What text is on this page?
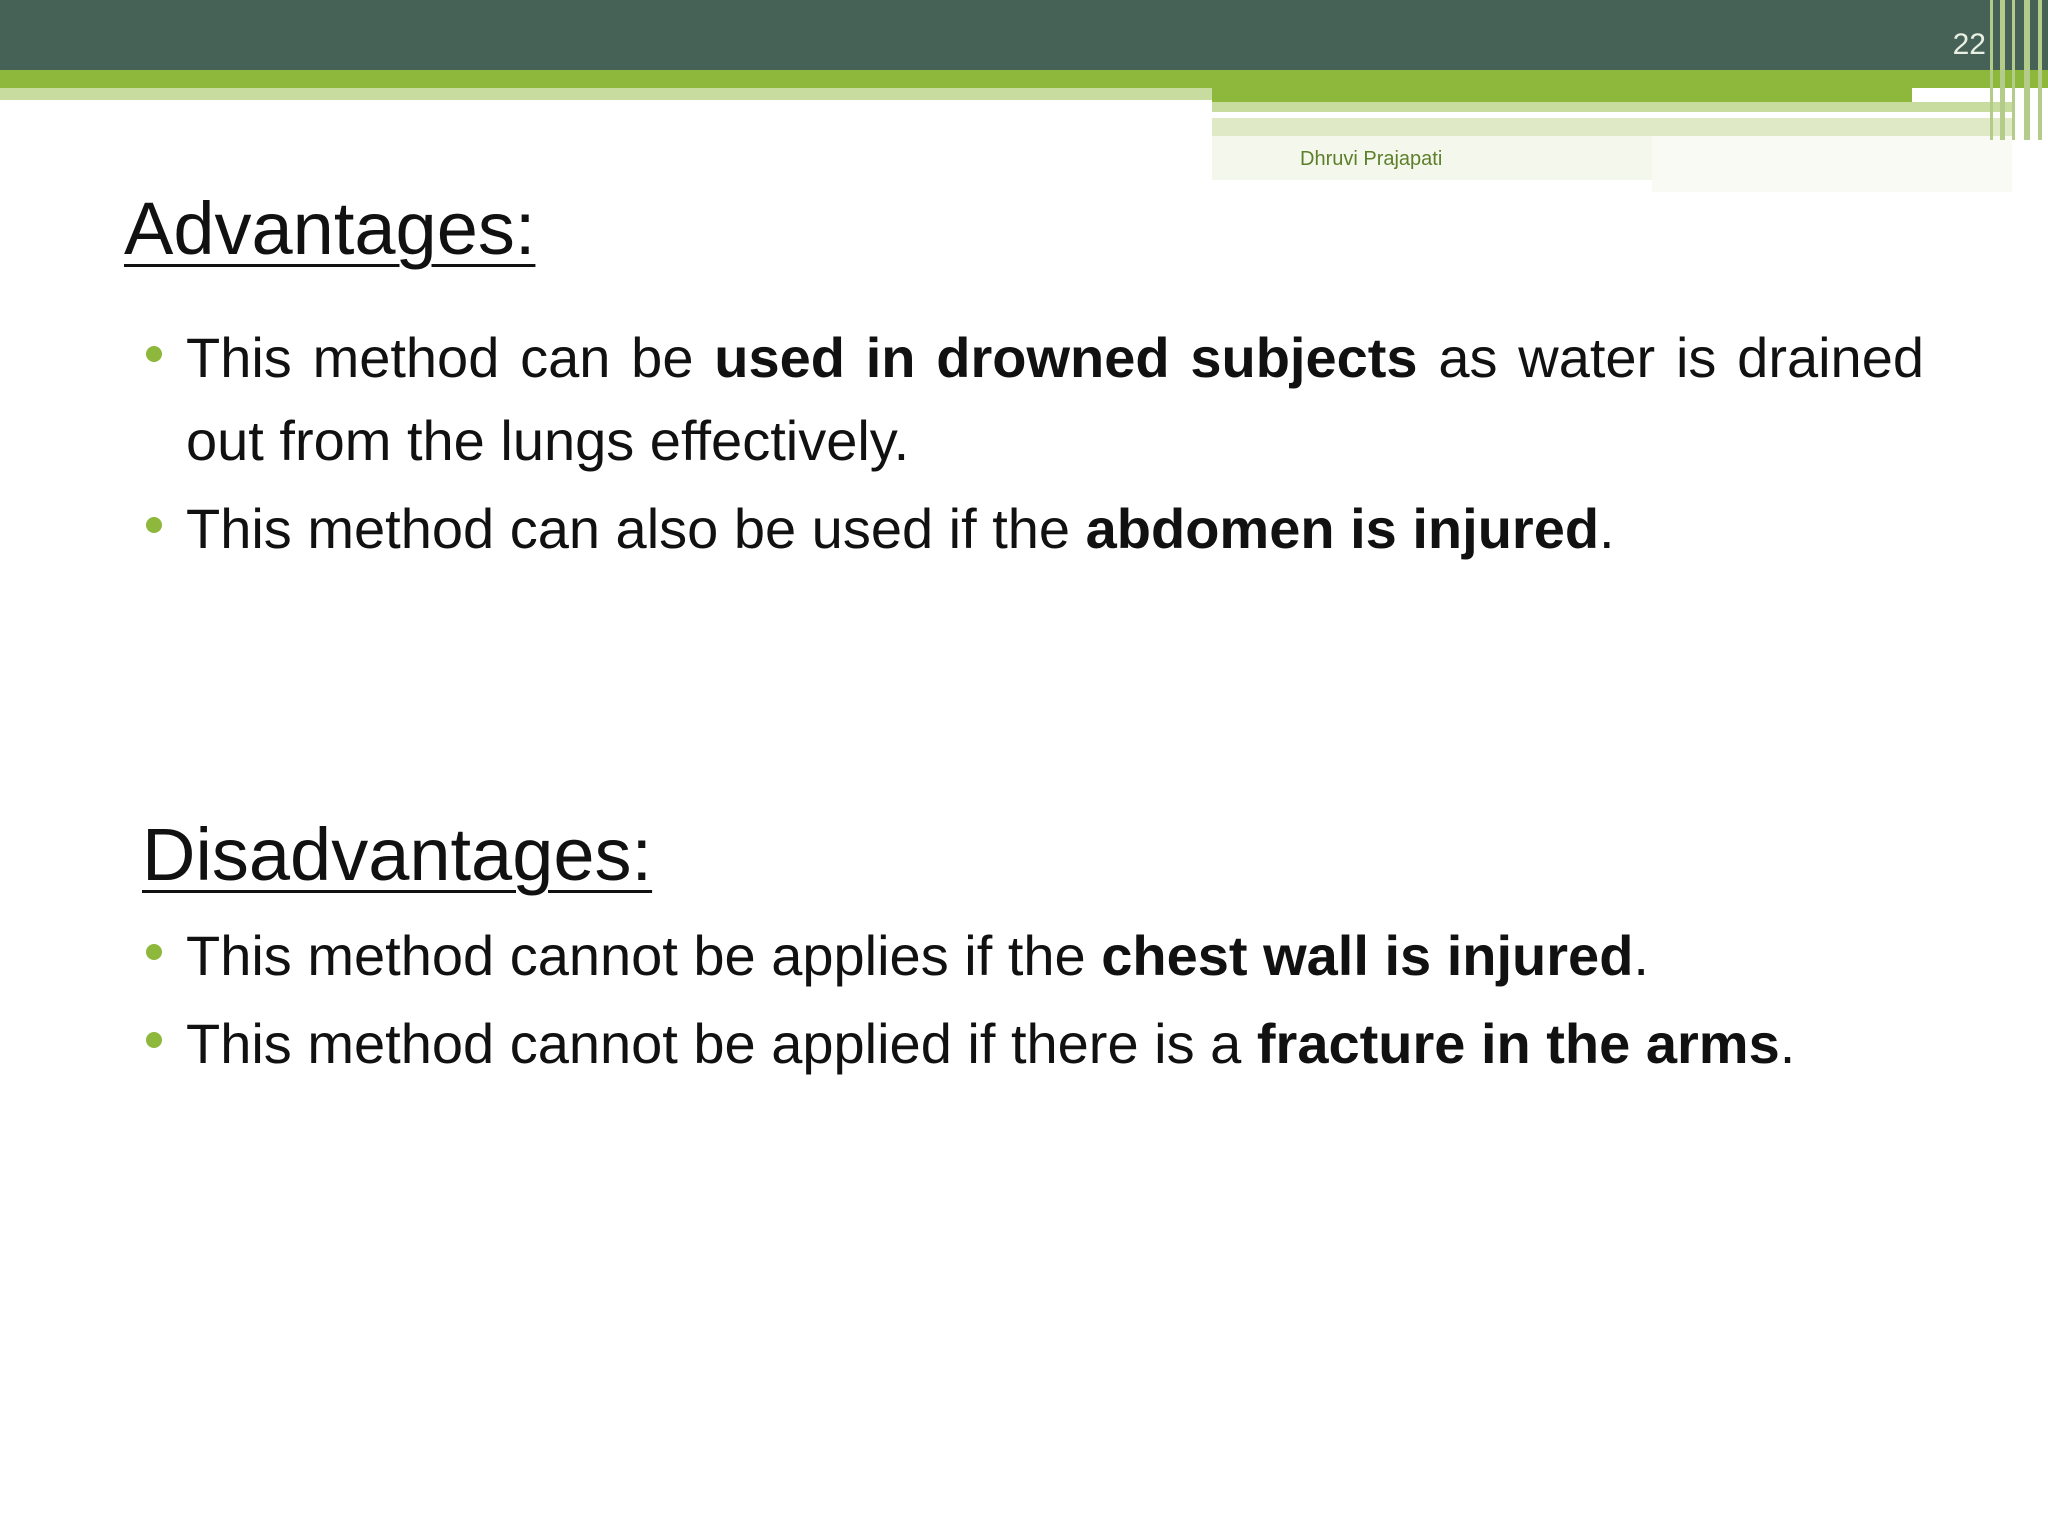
22
Dhruvi Prajapati
Advantages:
This method can be used in drowned subjects as water is drained out from the lungs effectively.
This method can also be used if the abdomen is injured.
Disadvantages:
This method cannot be applies if the chest wall is injured.
This method cannot be applied if there is a fracture in the arms.
